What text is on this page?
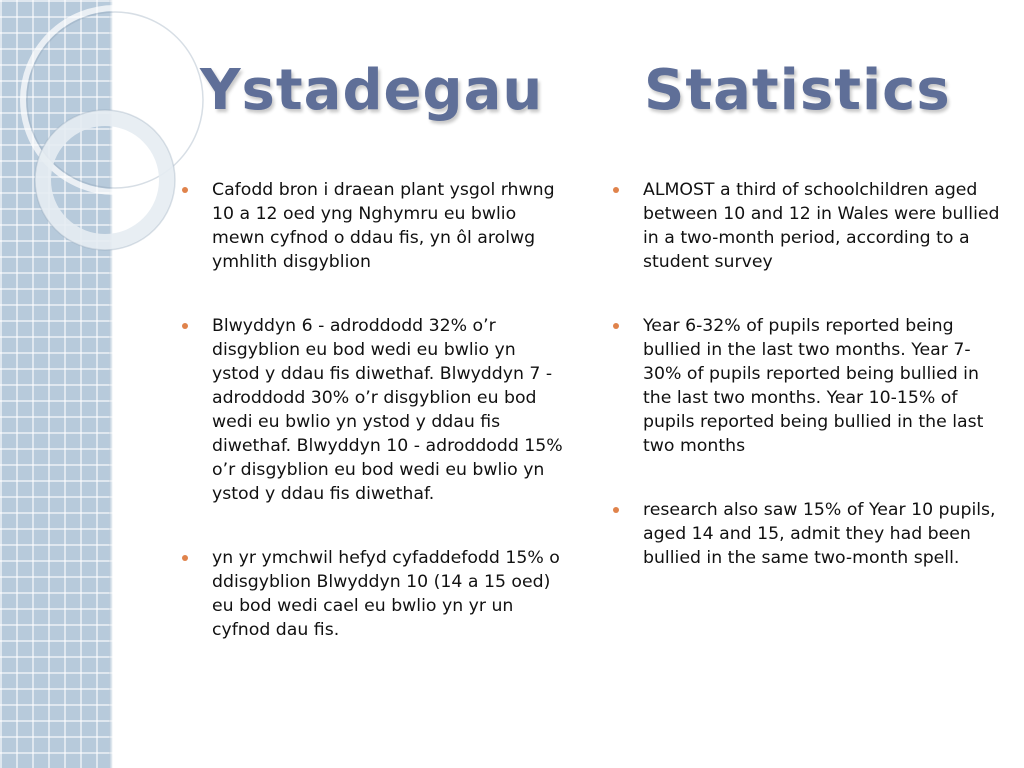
Ystadegau Statistics
Cafodd bron i draean plant ysgol rhwng 10 a 12 oed yng Nghymru eu bwlio mewn cyfnod o ddau fis, yn ôl arolwg ymhlith disgyblion
Blwyddyn 6 - adroddodd 32% o’r disgyblion eu bod wedi eu bwlio yn ystod y ddau fis diwethaf. Blwyddyn 7 - adroddodd 30% o’r disgyblion eu bod wedi eu bwlio yn ystod y ddau fis diwethaf. Blwyddyn 10 - adroddodd 15% o’r disgyblion eu bod wedi eu bwlio yn ystod y ddau fis diwethaf.
yn yr ymchwil hefyd cyfaddefodd 15% o ddisgyblion Blwyddyn 10 (14 a 15 oed) eu bod wedi cael eu bwlio yn yr un cyfnod dau fis.
ALMOST a third of schoolchildren aged between 10 and 12 in Wales were bullied in a two-month period, according to a student survey
Year 6-32% of pupils reported being bullied in the last two months. Year 7-30% of pupils reported being bullied in the last two months. Year 10-15% of pupils reported being bullied in the last two months
research also saw 15% of Year 10 pupils, aged 14 and 15, admit they had been bullied in the same two-month spell.
